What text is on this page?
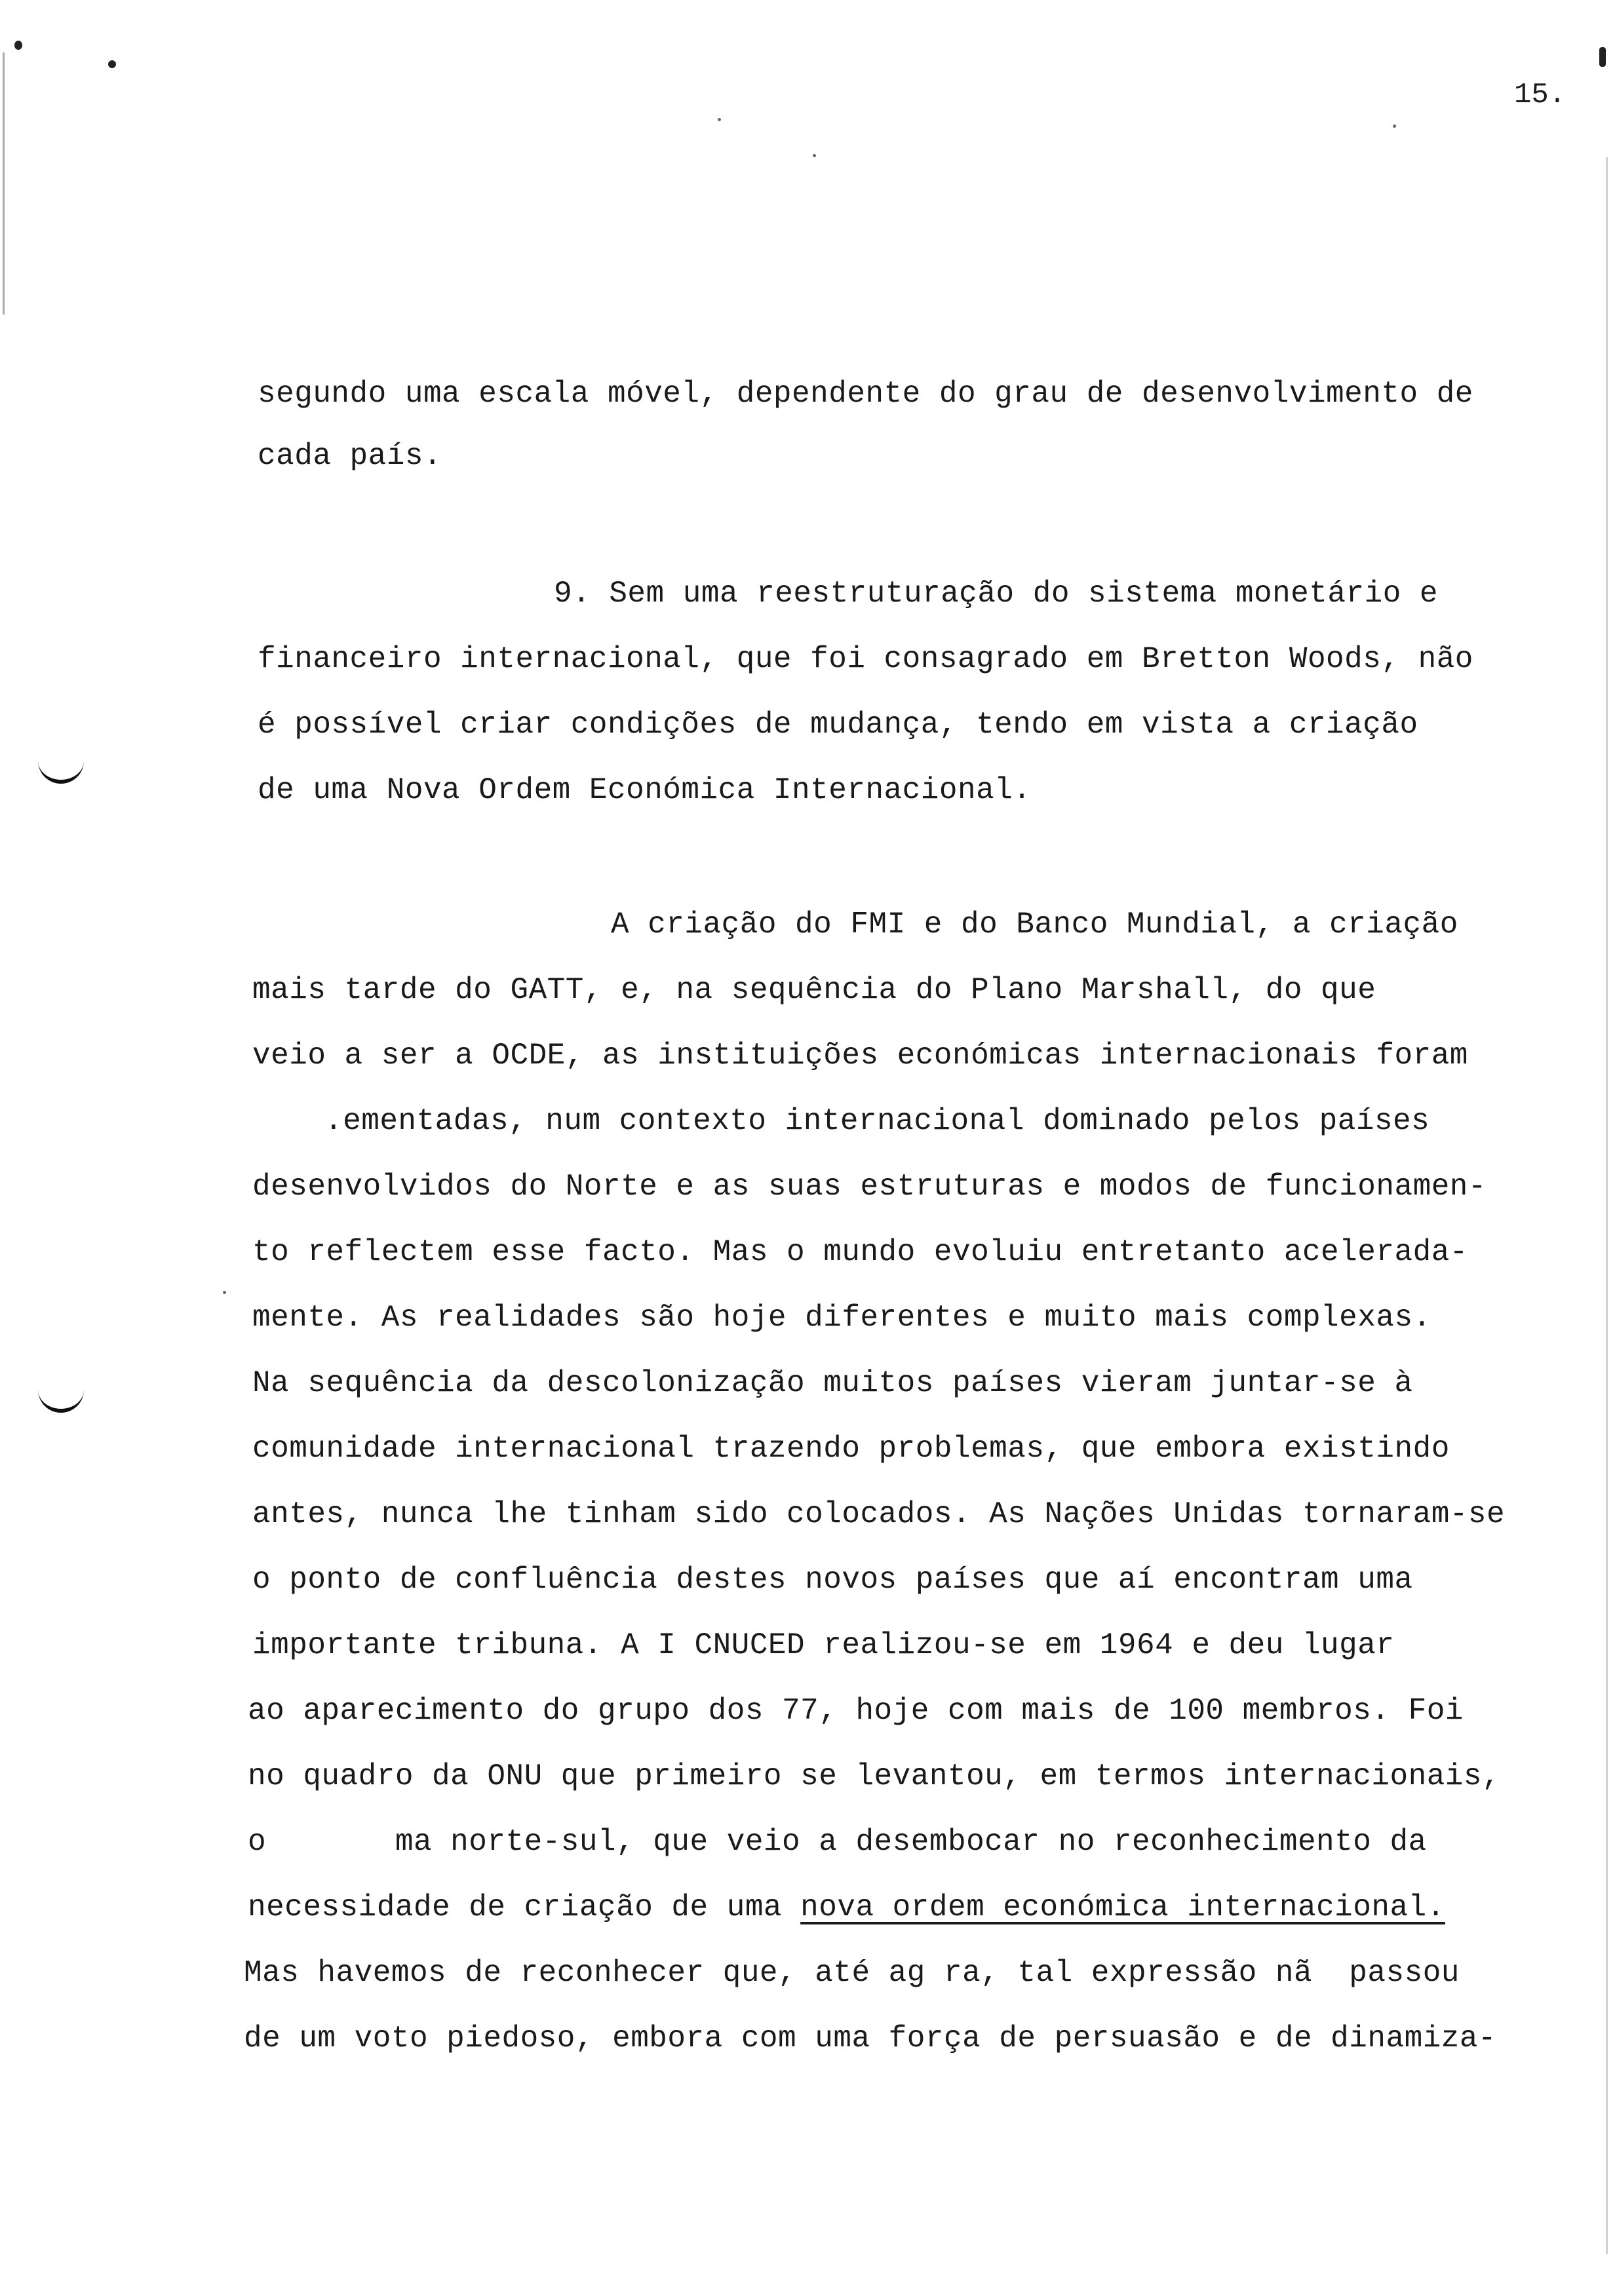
15.
segundo uma escala móvel, dependente do grau de desenvolvimento de
cada país.
9. Sem uma reestruturação do sistema monetário e
financeiro internacional, que foi consagrado em Bretton Woods, não
é possível criar condições de mudança, tendo em vista a criação
de uma Nova Ordem Económica Internacional.
A criação do FMI e do Banco Mundial, a criação
mais tarde do GATT, e, na sequência do Plano Marshall, do que
veio a ser a OCDE, as instituições económicas internacionais foram
.ementadas, num contexto internacional dominado pelos países
desenvolvidos do Norte e as suas estruturas e modos de funcionamen-
to reflectem esse facto. Mas o mundo evoluiu entretanto acelerada-
mente. As realidades são hoje diferentes e muito mais complexas.
Na sequência da descolonização muitos países vieram juntar-se à
comunidade internacional trazendo problemas, que embora existindo
antes, nunca lhe tinham sido colocados. As Nações Unidas tornaram-se
o ponto de confluência destes novos países que aí encontram uma
importante tribuna. A I CNUCED realizou-se em 1964 e deu lugar
ao aparecimento do grupo dos 77, hoje com mais de 100 membros. Foi
no quadro da ONU que primeiro se levantou, em termos internacionais,
o       ma norte-sul, que veio a desembocar no reconhecimento da
necessidade de criação de uma nova ordem económica internacional.
Mas havemos de reconhecer que, até ag ra, tal expressão nã  passou
de um voto piedoso, embora com uma força de persuasão e de dinamiza-
